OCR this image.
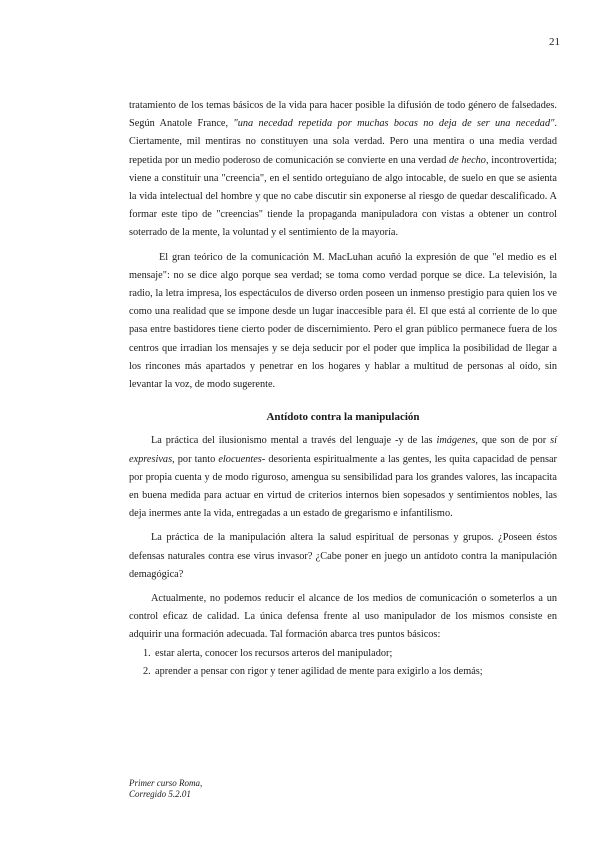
21

tratamiento de los temas básicos de la vida para hacer posible la difusión de todo género de falsedades. Según Anatole France, "una necedad repetida por muchas bocas no deja de ser una necedad". Ciertamente, mil mentiras no constituyen una sola verdad. Pero una mentira o una media verdad repetida por un medio poderoso de comunicación se convierte en una verdad de hecho, incontrovertida; viene a constituir una "creencia", en el sentido orteguiano de algo intocable, de suelo en que se asienta la vida intelectual del hombre y que no cabe discutir sin exponerse al riesgo de quedar descalificado. A formar este tipo de "creencias" tiende la propaganda manipuladora con vistas a obtener un control soterrado de la mente, la voluntad y el sentimiento de la mayoría.

El gran teórico de la comunicación M. MacLuhan acuñó la expresión de que "el medio es el mensaje": no se dice algo porque sea verdad; se toma como verdad porque se dice. La televisión, la radio, la letra impresa, los espectáculos de diverso orden poseen un inmenso prestigio para quien los ve como una realidad que se impone desde un lugar inaccesible para él. El que está al corriente de lo que pasa entre bastidores tiene cierto poder de discernimiento. Pero el gran público permanece fuera de los centros que irradian los mensajes y se deja seducir por el poder que implica la posibilidad de llegar a los rincones más apartados y penetrar en los hogares y hablar a multitud de personas al oído, sin levantar la voz, de modo sugerente.

Antídoto contra la manipulación

La práctica del ilusionismo mental a través del lenguaje -y de las imágenes, que son de por sí expresivas, por tanto elocuentes- desorienta espiritualmente a las gentes, les quita capacidad de pensar por propia cuenta y de modo riguroso, amengua su sensibilidad para los grandes valores, las incapacita en buena medida para actuar en virtud de criterios internos bien sopesados y sentimientos nobles, las deja inermes ante la vida, entregadas a un estado de gregarismo e infantilismo.

La práctica de la manipulación altera la salud espiritual de personas y grupos. ¿Poseen éstos defensas naturales contra ese virus invasor? ¿Cabe poner en juego un antídoto contra la manipulación demagógica?

Actualmente, no podemos reducir el alcance de los medios de comunicación o someterlos a un control eficaz de calidad. La única defensa frente al uso manipulador de los mismos consiste en adquirir una formación adecuada. Tal formación abarca tres puntos básicos:

estar alerta, conocer los recursos arteros del manipulador;
aprender a pensar con rigor y tener agilidad de mente para exigirlo a los demás;
Primer curso Roma,
Corregido 5.2.01
